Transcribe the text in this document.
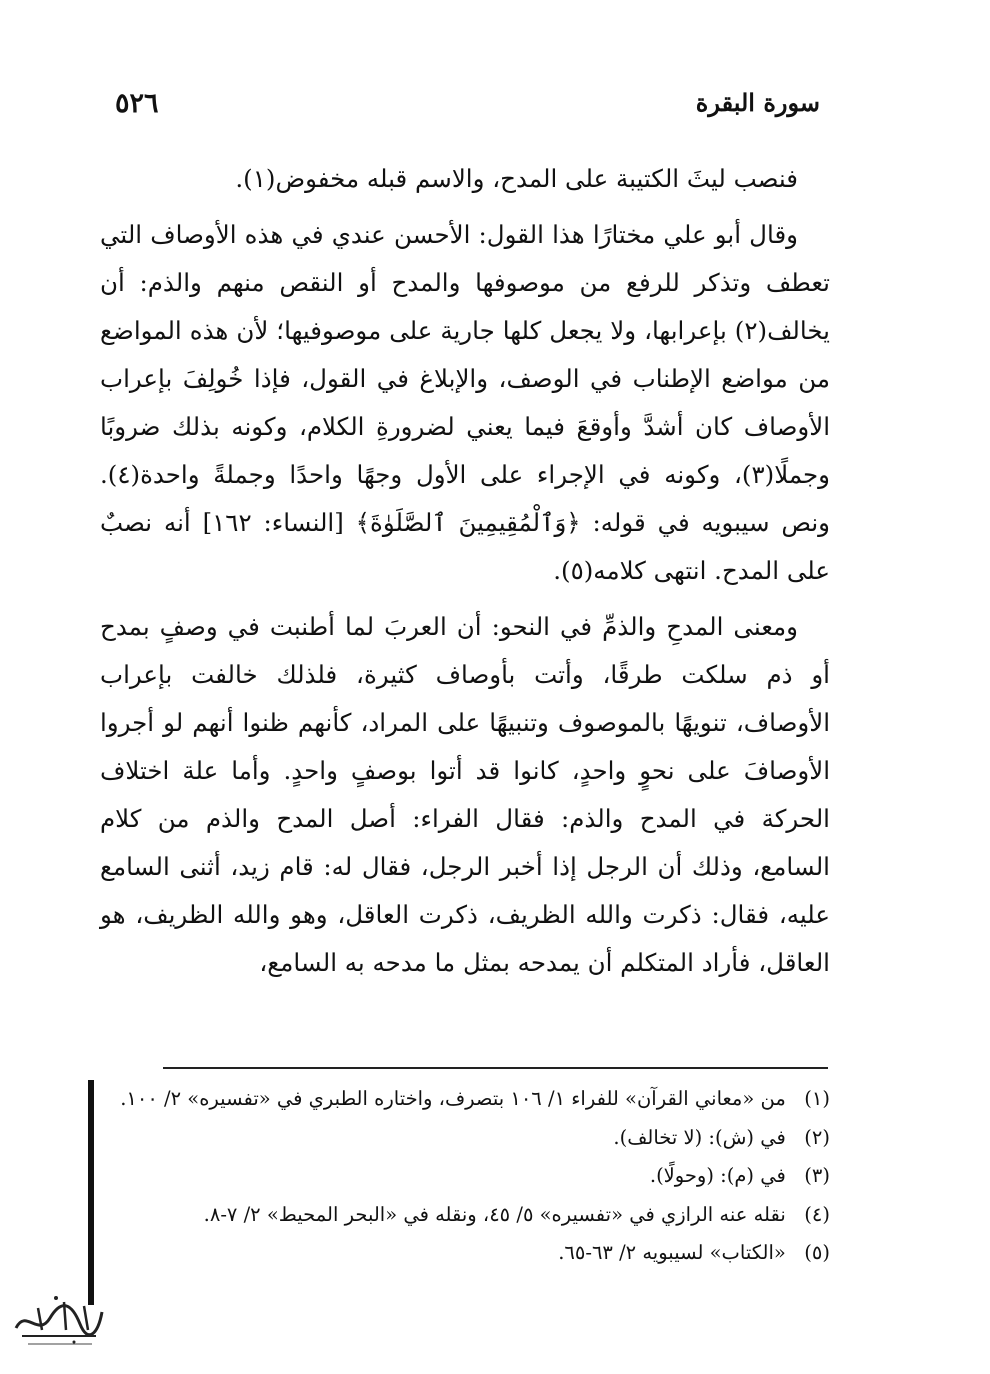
٥٢٦	سورة البقرة

فنصب ليثَ الكتيبة على المدح، والاسم قبله مخفوض(١).

وقال أبو علي مختارًا هذا القول: الأحسن عندي في هذه الأوصاف التي تعطف وتذكر للرفع من موصوفها والمدح أو النقص منهم والذم: أن يخالف(٢) بإعرابها، ولا يجعل كلها جارية على موصوفيها؛ لأن هذه المواضع من مواضع الإطناب في الوصف، والإبلاغ في القول، فإذا خُولِفَ بإعراب الأوصاف كان أشدَّ وأوقعَ فيما يعني لضرورةِ الكلام، وكونه بذلك ضروبًا وجملًا(٣)، وكونه في الإجراء على الأول وجهًا واحدًا وجملةً واحدة(٤). ونص سيبويه في قوله: ﴿وَٱلْمُقِيمِينَ ٱلصَّلَوٰةَ﴾ [النساء: ١٦٢] أنه نصبٌ على المدح. انتهى كلامه(٥).

ومعنى المدحِ والذمِّ في النحو: أن العربَ لما أطنبت في وصفٍ بمدح أو ذم سلكت طرقًا، وأتت بأوصاف كثيرة، فلذلك خالفت بإعراب الأوصاف، تنويهًا بالموصوف وتنبيهًا على المراد، كأنهم ظنوا أنهم لو أجروا الأوصافَ على نحوٍ واحدٍ، كانوا قد أتوا بوصفٍ واحدٍ. وأما علة اختلاف الحركة في المدح والذم: فقال الفراء: أصل المدح والذم من كلام السامع، وذلك أن الرجل إذا أخبر الرجل، فقال له: قام زيد، أثنى السامع عليه، فقال: ذكرت والله الظريف، ذكرت العاقل، وهو والله الظريف، هو العاقل، فأراد المتكلم أن يمدحه بمثل ما مدحه به السامع،

(١) من «معاني القرآن» للفراء ١/ ١٠٦ بتصرف، واختاره الطبري في «تفسيره» ٢/ ١٠٠.
(٢) في (ش): (لا تخالف).
(٣) في (م): (وحولًا).
(٤) نقله عنه الرازي في «تفسيره» ٥/ ٤٥، ونقله في «البحر المحيط» ٢/ ٧-٨.
(٥) «الكتاب» لسيبويه ٢/ ٦٣-٦٥.
